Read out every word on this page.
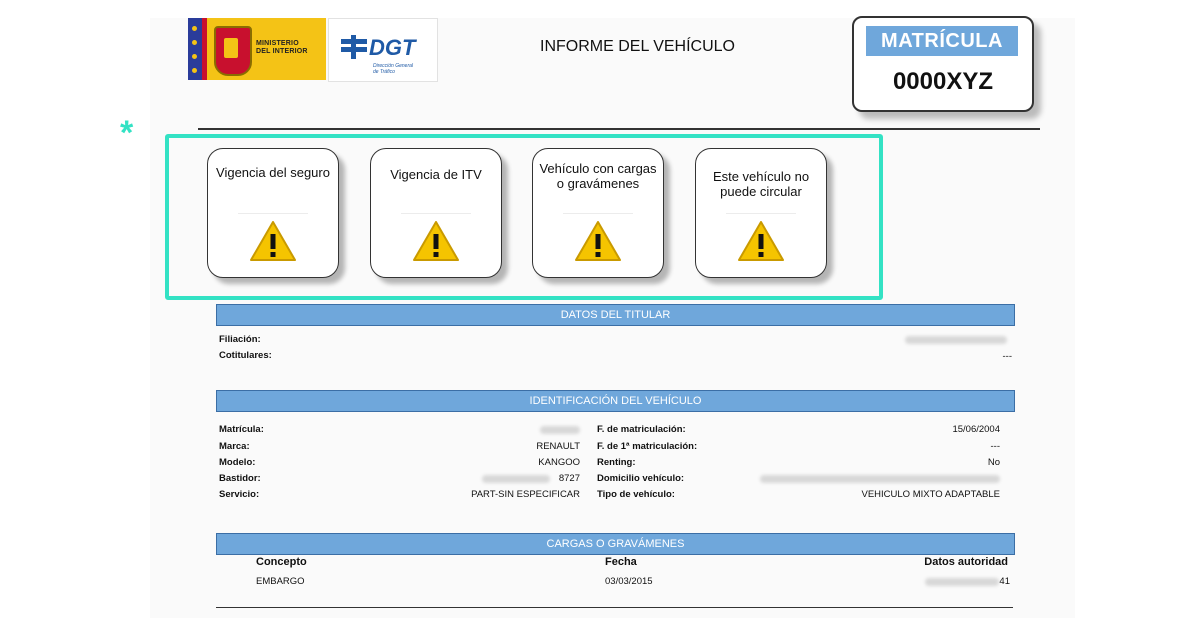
MINISTERIO
DEL INTERIOR	DGT
Dirección General
de Tráfico
INFORME DEL VEHÍCULO	MATRÍCULA
0000XYZ
*
Vigencia del seguro	Vigencia de ITV	Vehículo con cargas o gravámenes	Este vehículo no puede circular
DATOS DEL TITULAR
Filiación:
Cotitulares:	---
IDENTIFICACIÓN DEL VEHÍCULO
Matrícula:
Marca:	RENAULT
Modelo:	KANGOO
Bastidor:	8727
Servicio:	PART-SIN ESPECIFICAR
F. de matriculación:	15/06/2004
F. de 1ª matriculación:	---
Renting:	No
Domicilio vehículo:
Tipo de vehículo:	VEHICULO MIXTO ADAPTABLE
CARGAS O GRAVÁMENES
Concepto	Fecha	Datos autoridad
EMBARGO	03/03/2015	41
